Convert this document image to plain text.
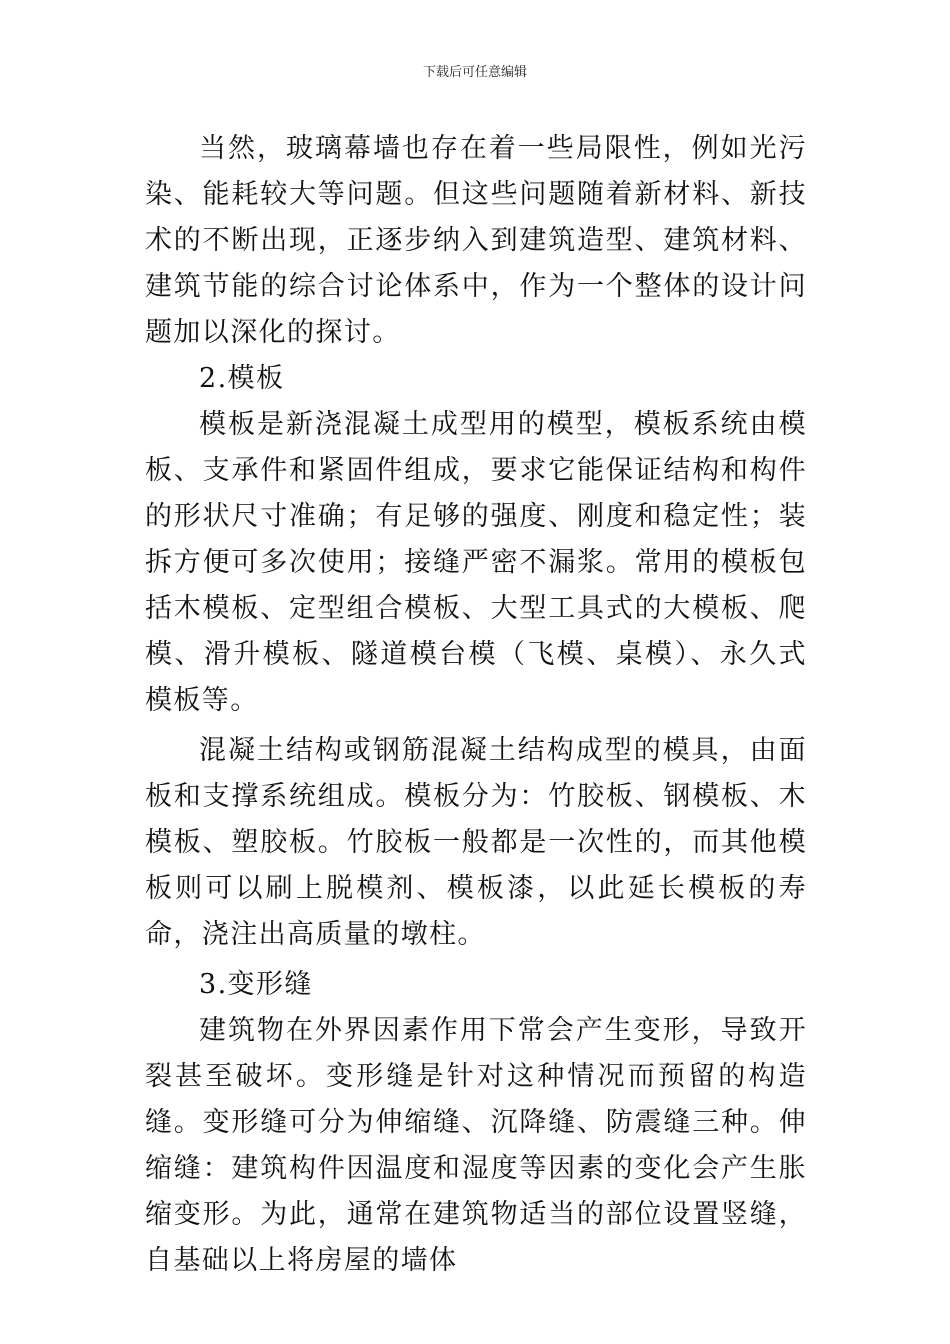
下载后可任意编辑

当然，玻璃幕墙也存在着一些局限性，例如光污染、能耗较大等问题。但这些问题随着新材料、新技术的不断出现，正逐步纳入到建筑造型、建筑材料、建筑节能的综合讨论体系中，作为一个整体的设计问题加以深化的探讨。

2.模板

模板是新浇混凝土成型用的模型，模板系统由模板、支承件和紧固件组成，要求它能保证结构和构件的形状尺寸准确；有足够的强度、刚度和稳定性；装拆方便可多次使用；接缝严密不漏浆。常用的模板包括木模板、定型组合模板、大型工具式的大模板、爬模、滑升模板、隧道模台模（飞模、桌模）、永久式模板等。

混凝土结构或钢筋混凝土结构成型的模具，由面板和支撑系统组成。模板分为：竹胶板、钢模板、木模板、塑胶板。竹胶板一般都是一次性的，而其他模板则可以刷上脱模剂、模板漆，以此延长模板的寿命，浇注出高质量的墩柱。

3.变形缝

建筑物在外界因素作用下常会产生变形，导致开裂甚至破坏。变形缝是针对这种情况而预留的构造缝。变形缝可分为伸缩缝、沉降缝、防震缝三种。伸缩缝：建筑构件因温度和湿度等因素的变化会产生胀缩变形。为此，通常在建筑物适当的部位设置竖缝，自基础以上将房屋的墙体
